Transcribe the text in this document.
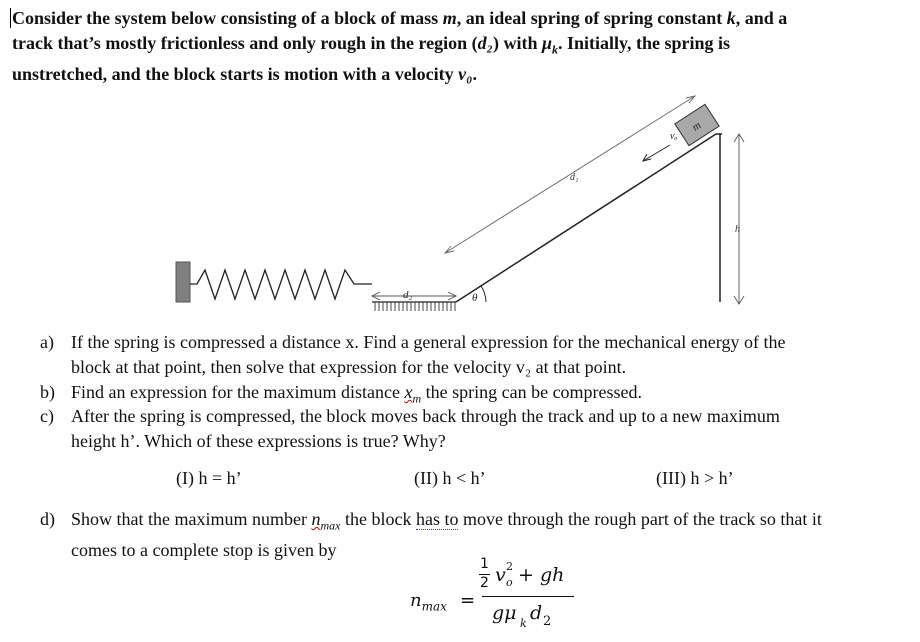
Consider the system below consisting of a block of mass m, an ideal spring of spring constant k, and a

track that’s mostly frictionless and only rough in the region (d₂) with $\mu_k$. Initially, the spring is

unstretched, and the block starts is motion with a velocity v₀.

d₂	θ
m
vₒ
d₁
h
a) If the spring is compressed a distance x. Find a general expression for the mechanical energy of the

block at that point, then solve that expression for the velocity v₂ at that point.

b) Find an expression for the maximum distance $x_m$ the spring can be compressed.

c) After the spring is compressed, the block moves back through the track and up to a new maximum

height h’. Which of these expressions is true? Why?

(I) h = h’	(II) h < h’	(III) h > h’
d) Show that the maximum number $n_{max}$ the block has to move through the rough part of the track so that it

comes to a complete stop is given by

$n_{max}$ =
1
2 v 2
o + gh
gμ k d 2
